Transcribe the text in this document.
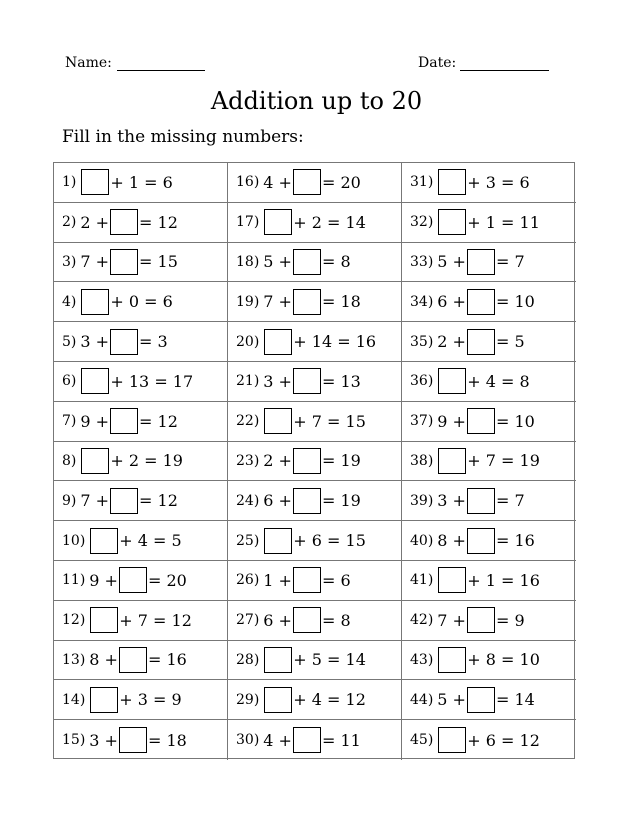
Name:	Date:
Addition up to 20
Fill in the missing numbers:
1) + 1 = 6	16) 4 + = 20	31) + 3 = 6
2) 2 + = 12	17) + 2 = 14	32) + 1 = 11
3) 7 + = 15	18) 5 + = 8	33) 5 + = 7
4) + 0 = 6	19) 7 + = 18	34) 6 + = 10
5) 3 + = 3	20) + 14 = 16 35) 2 + = 5
6) + 13 = 17	21) 3 + = 13	36) + 4 = 8
7) 9 + = 12	22) + 7 = 15	37) 9 + = 10
8) + 2 = 19	23) 2 + = 19	38) + 7 = 19
9) 7 + = 12	24) 6 + = 19	39) 3 + = 7
10) + 4 = 5	25) + 6 = 15	40) 8 + = 16
11) 9 + = 20	26) 1 + = 6	41) + 1 = 16
12) + 7 = 12	27) 6 + = 8	42) 7 + = 9
13) 8 + = 16	28) + 5 = 14	43) + 8 = 10
14) + 3 = 9	29) + 4 = 12	44) 5 + = 14
15) 3 + = 18	30) 4 + = 11	45) + 6 = 12
